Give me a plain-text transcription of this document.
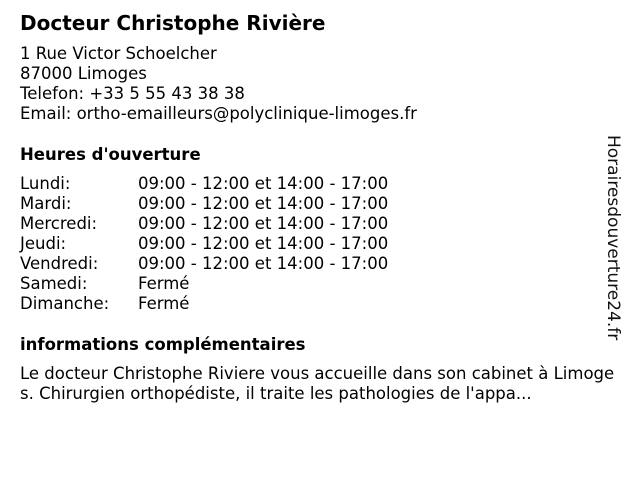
Docteur Christophe Rivière
1 Rue Victor Schoelcher
87000 Limoges
Telefon: +33 5 55 43 38 38
Email: ortho-emailleurs@polyclinique-limoges.fr
Heures d'ouverture
Lundi:	09:00 - 12:00 et 14:00 - 17:00
Mardi:	09:00 - 12:00 et 14:00 - 17:00
Mercredi: 09:00 - 12:00 et 14:00 - 17:00
Jeudi:	09:00 - 12:00 et 14:00 - 17:00
Vendredi: 09:00 - 12:00 et 14:00 - 17:00
Samedi:	Fermé
Dimanche: Fermé
informations complémentaires
Le docteur Christophe Riviere vous accueille dans son cabinet à Limoges. Chirurgien orthopédiste, il traite les pathologies de l'appa...
Horairesdouverture24.fr
